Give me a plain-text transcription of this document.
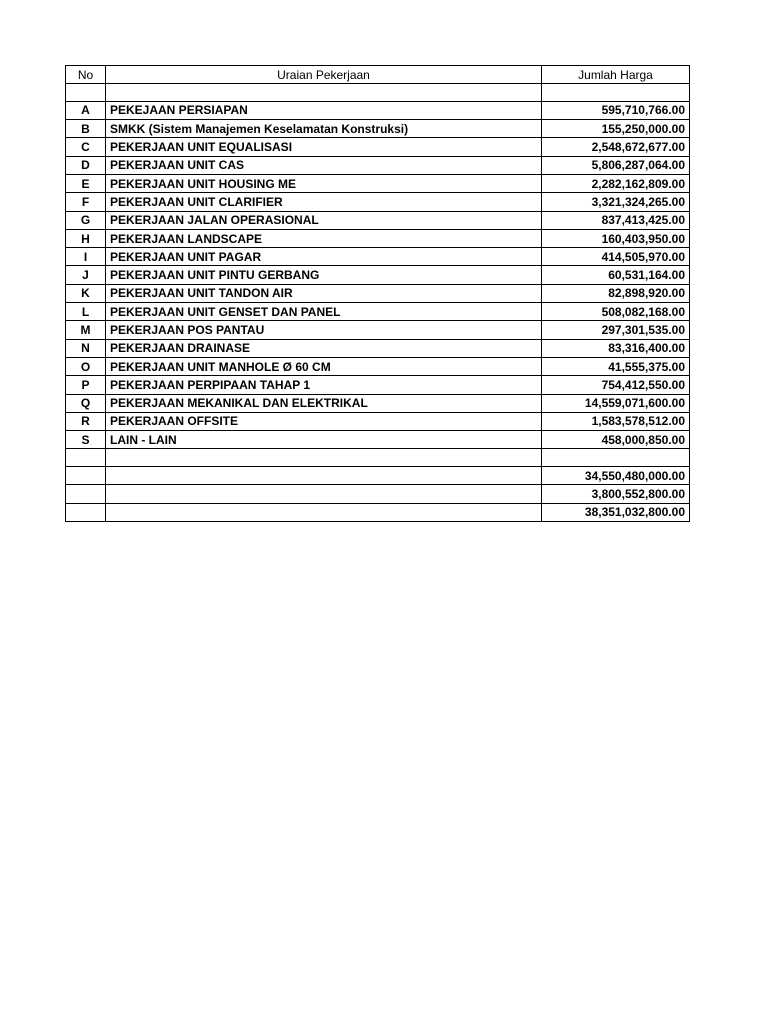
No	Uraian Pekerjaan	Jumlah Harga

A	PEKEJAAN PERSIAPAN	595,710,766.00
B	SMKK (Sistem Manajemen Keselamatan Konstruksi)	155,250,000.00
C	PEKERJAAN UNIT EQUALISASI	2,548,672,677.00
D	PEKERJAAN UNIT CAS	5,806,287,064.00
E	PEKERJAAN UNIT HOUSING ME	2,282,162,809.00
F	PEKERJAAN UNIT CLARIFIER	3,321,324,265.00
G	PEKERJAAN JALAN OPERASIONAL	837,413,425.00
H	PEKERJAAN LANDSCAPE	160,403,950.00
I	PEKERJAAN UNIT PAGAR	414,505,970.00
J	PEKERJAAN UNIT PINTU GERBANG	60,531,164.00
K	PEKERJAAN UNIT TANDON AIR	82,898,920.00
L	PEKERJAAN UNIT GENSET DAN PANEL	508,082,168.00
M	PEKERJAAN POS PANTAU	297,301,535.00
N	PEKERJAAN DRAINASE	83,316,400.00
O	PEKERJAAN UNIT MANHOLE Ø 60 CM	41,555,375.00
P	PEKERJAAN PERPIPAAN TAHAP 1	754,412,550.00
Q	PEKERJAAN MEKANIKAL DAN ELEKTRIKAL	14,559,071,600.00
R	PEKERJAAN OFFSITE	1,583,578,512.00
S	LAIN - LAIN	458,000,850.00

		34,550,480,000.00
		3,800,552,800.00
		38,351,032,800.00
